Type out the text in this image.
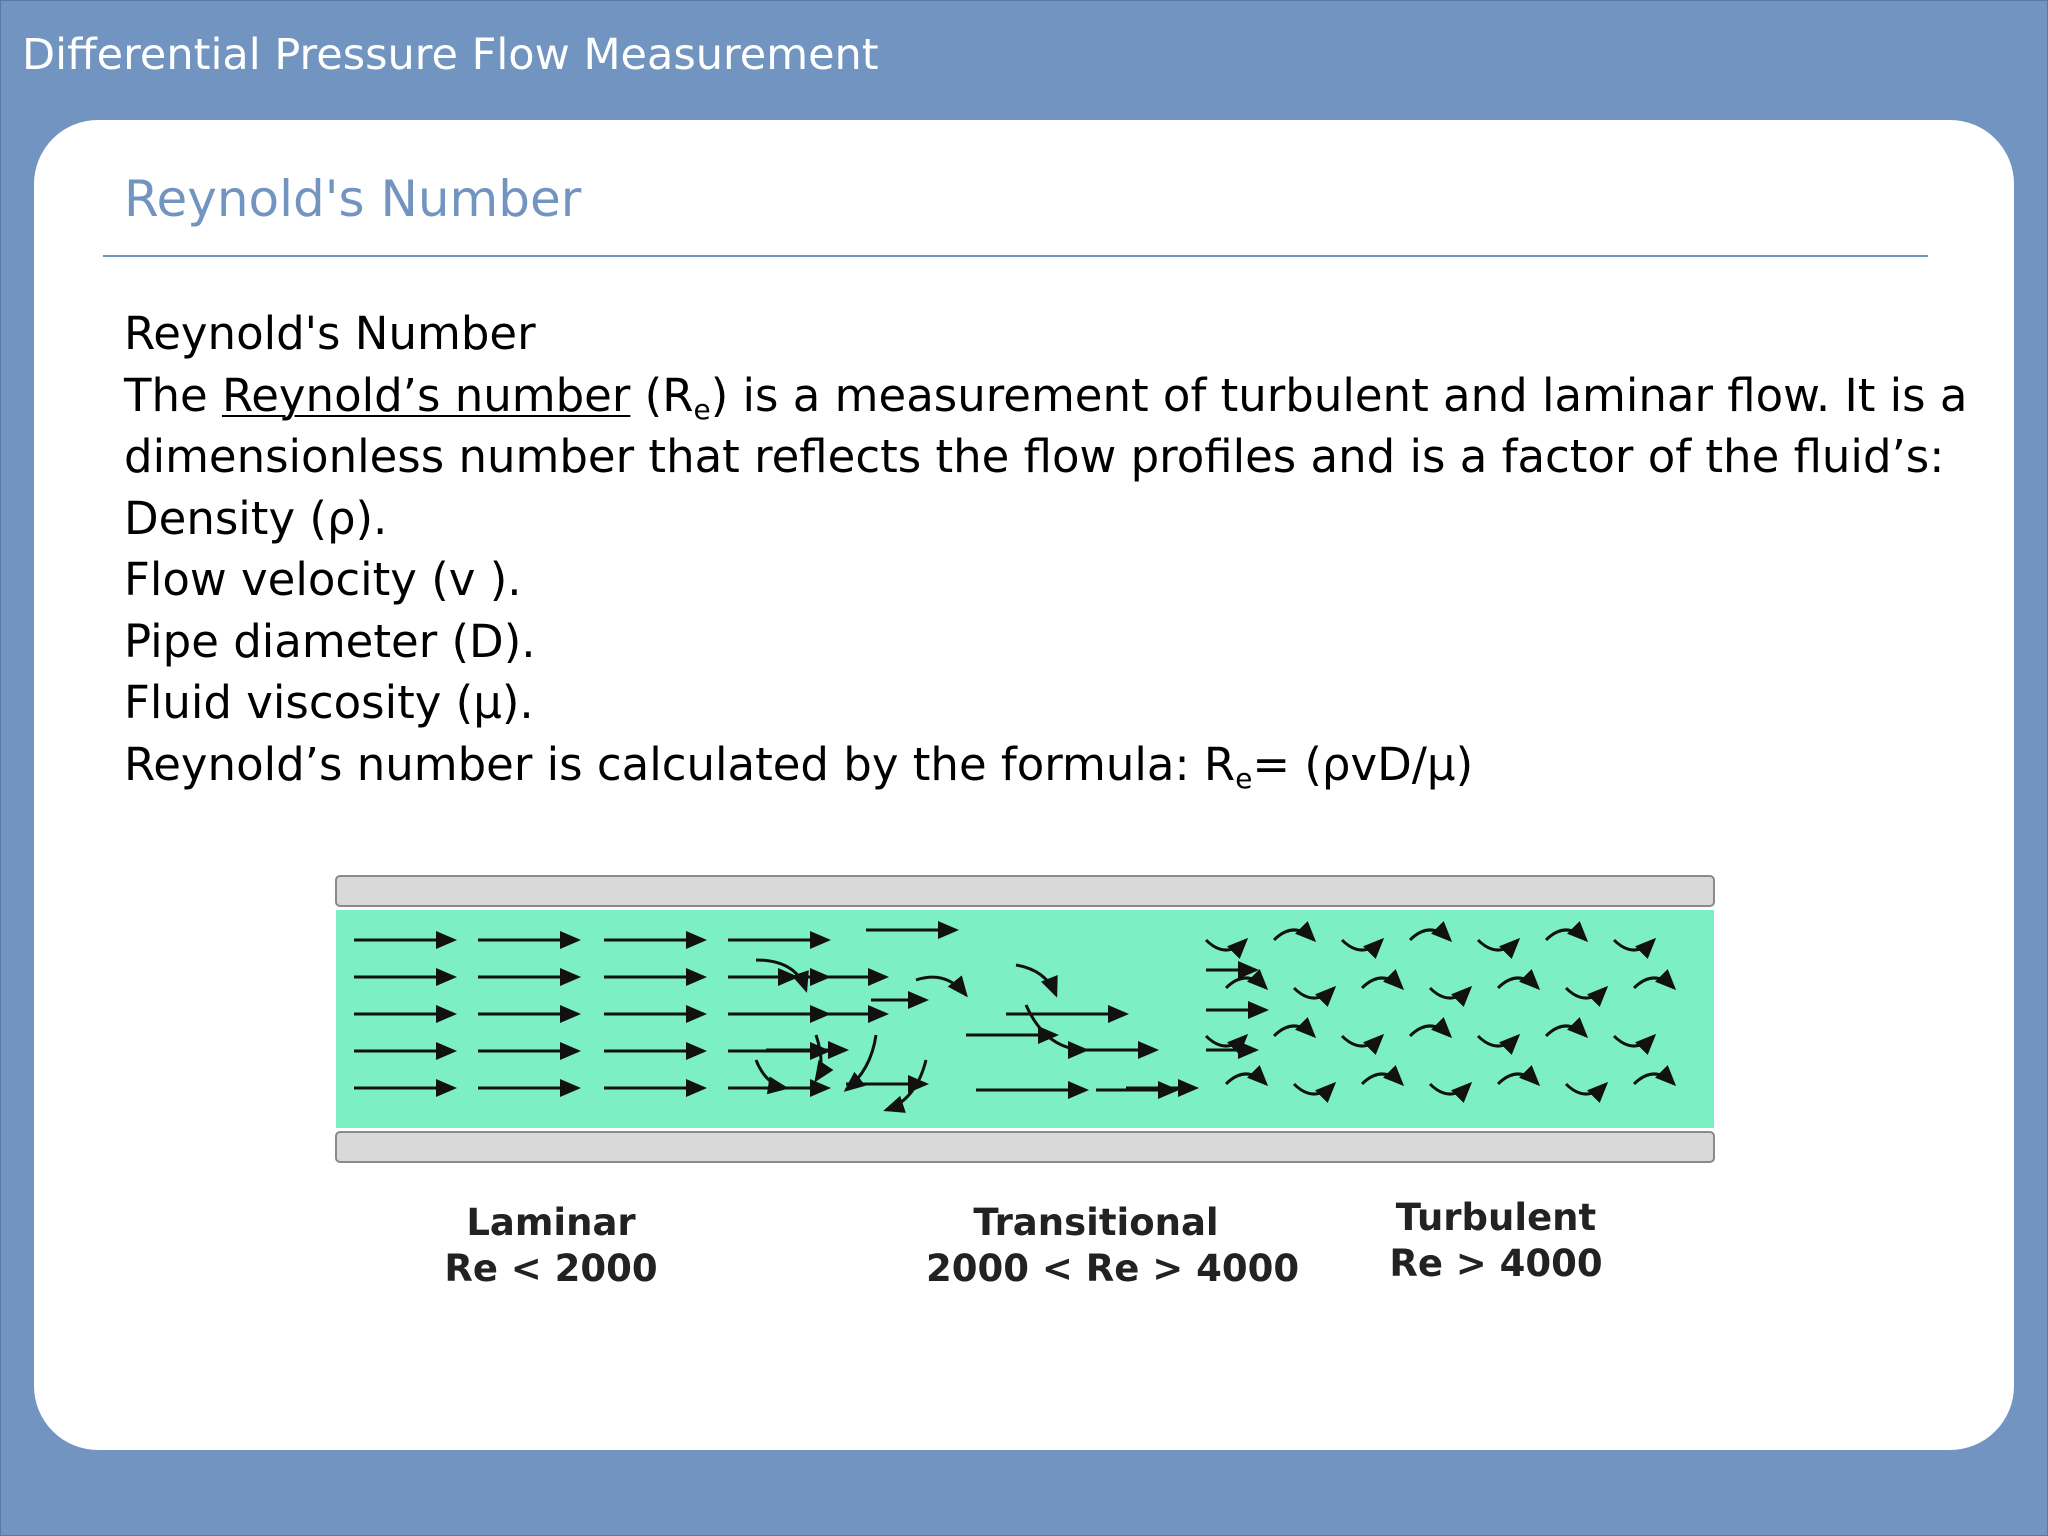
Differential Pressure Flow Measurement
Reynold's Number
Reynold's Number
The Reynold’s number $(R_e)$ is a measurement of turbulent and laminar flow. It is a
dimensionless number that reflects the flow profiles and is a factor of the fluid’s:
Density (ρ).
Flow velocity (v ).
Pipe diameter (D).
Fluid viscosity (μ).
Reynold’s number is calculated by the formula: $R_e= (\rho vD/\mu)$
Laminar
Re < 2000
Transitional
2000 < Re > 4000
Turbulent
Re > 4000
